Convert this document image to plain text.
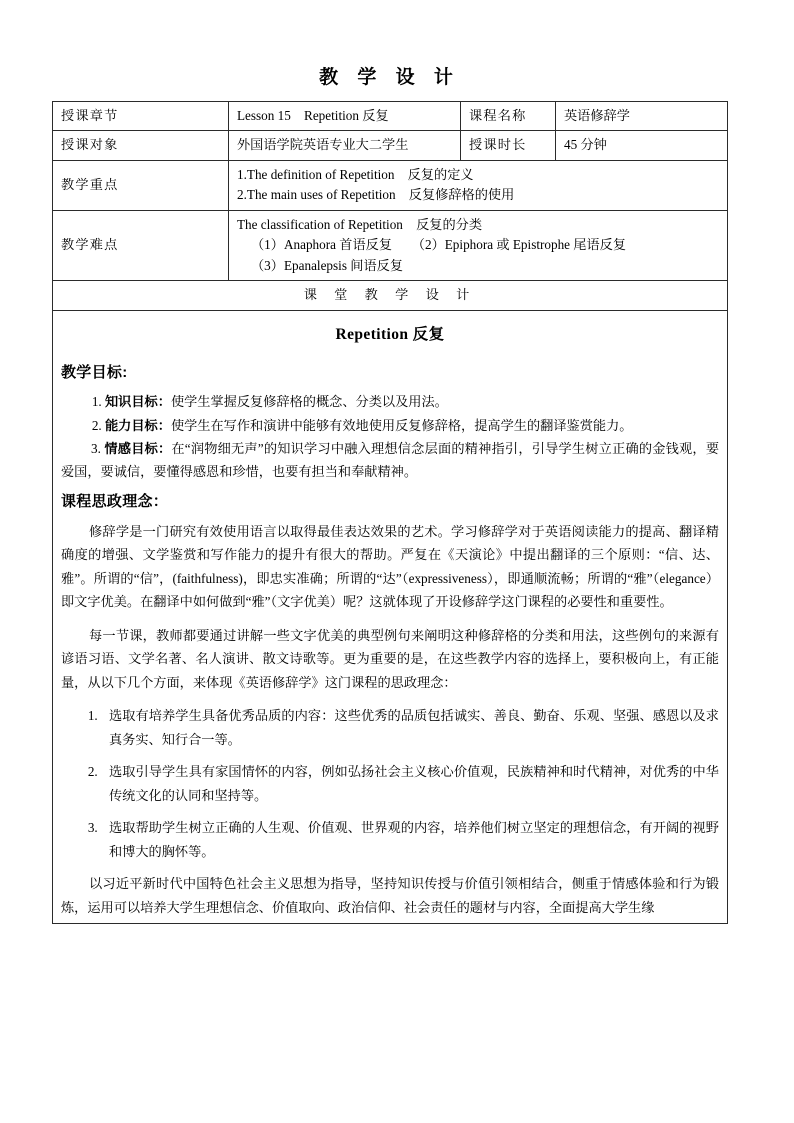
教 学 设 计
授课章节	Lesson 15　Repetition 反复	课程名称	英语修辞学
授课对象	外国语学院英语专业大二学生	授课时长	45 分钟
教学重点	1.The definition of Repetition　反复的定义
2.The main uses of Repetition　反复修辞格的使用		

教学难点	The classification of Repetition　反复的分类
（1）Anaphora 首语反复　　（2）Epiphora 或 Epistrophe 尾语反复
（3）Epanalepsis 间语反复		

课 堂 教 学 设 计			

Repetition 反复
教学目标:
1. 知识目标：使学生掌握反复修辞格的概念、分类以及用法。
2. 能力目标：使学生在写作和演讲中能够有效地使用反复修辞格，提高学生的翻译鉴赏能力。
3. 情感目标：在“润物细无声”的知识学习中融入理想信念层面的精神指引，引导学生树立正确的金钱观，要爱国，要诚信，要懂得感恩和珍惜，也要有担当和奉献精神。
课程思政理念：

修辞学是一门研究有效使用语言以取得最佳表达效果的艺术。学习修辞学对于英语阅读能力的提高、翻译精确度的增强、文学鉴赏和写作能力的提升有很大的帮助。严复在《天演论》中提出翻译的三个原则：“信、达、雅”。所谓的“信”，(faithfulness)，即忠实准确；所谓的“达”（expressiveness），即通顺流畅；所谓的“雅”（elegance）即文字优美。在翻译中如何做到“雅”（文字优美）呢？这就体现了开设修辞学这门课程的必要性和重要性。

每一节课，教师都要通过讲解一些文字优美的典型例句来阐明这种修辞格的分类和用法，这些例句的来源有谚语习语、文学名著、名人演讲、散文诗歌等。更为重要的是，在这些教学内容的选择上，要积极向上，有正能量，从以下几个方面，来体现《英语修辞学》这门课程的思政理念：

1. 选取有培养学生具备优秀品质的内容：这些优秀的品质包括诚实、善良、勤奋、乐观、坚强、感恩以及求真务实、知行合一等。
2. 选取引导学生具有家国情怀的内容，例如弘扬社会主义核心价值观，民族精神和时代精神，对优秀的中华传统文化的认同和坚持等。
3. 选取帮助学生树立正确的人生观、价值观、世界观的内容，培养他们树立坚定的理想信念，有开阔的视野和博大的胸怀等。

以习近平新时代中国特色社会主义思想为指导，坚持知识传授与价值引领相结合，侧重于情感体验和行为锻炼，运用可以培养大学生理想信念、价值取向、政治信仰、社会责任的题材与内容，全面提高大学生缘
